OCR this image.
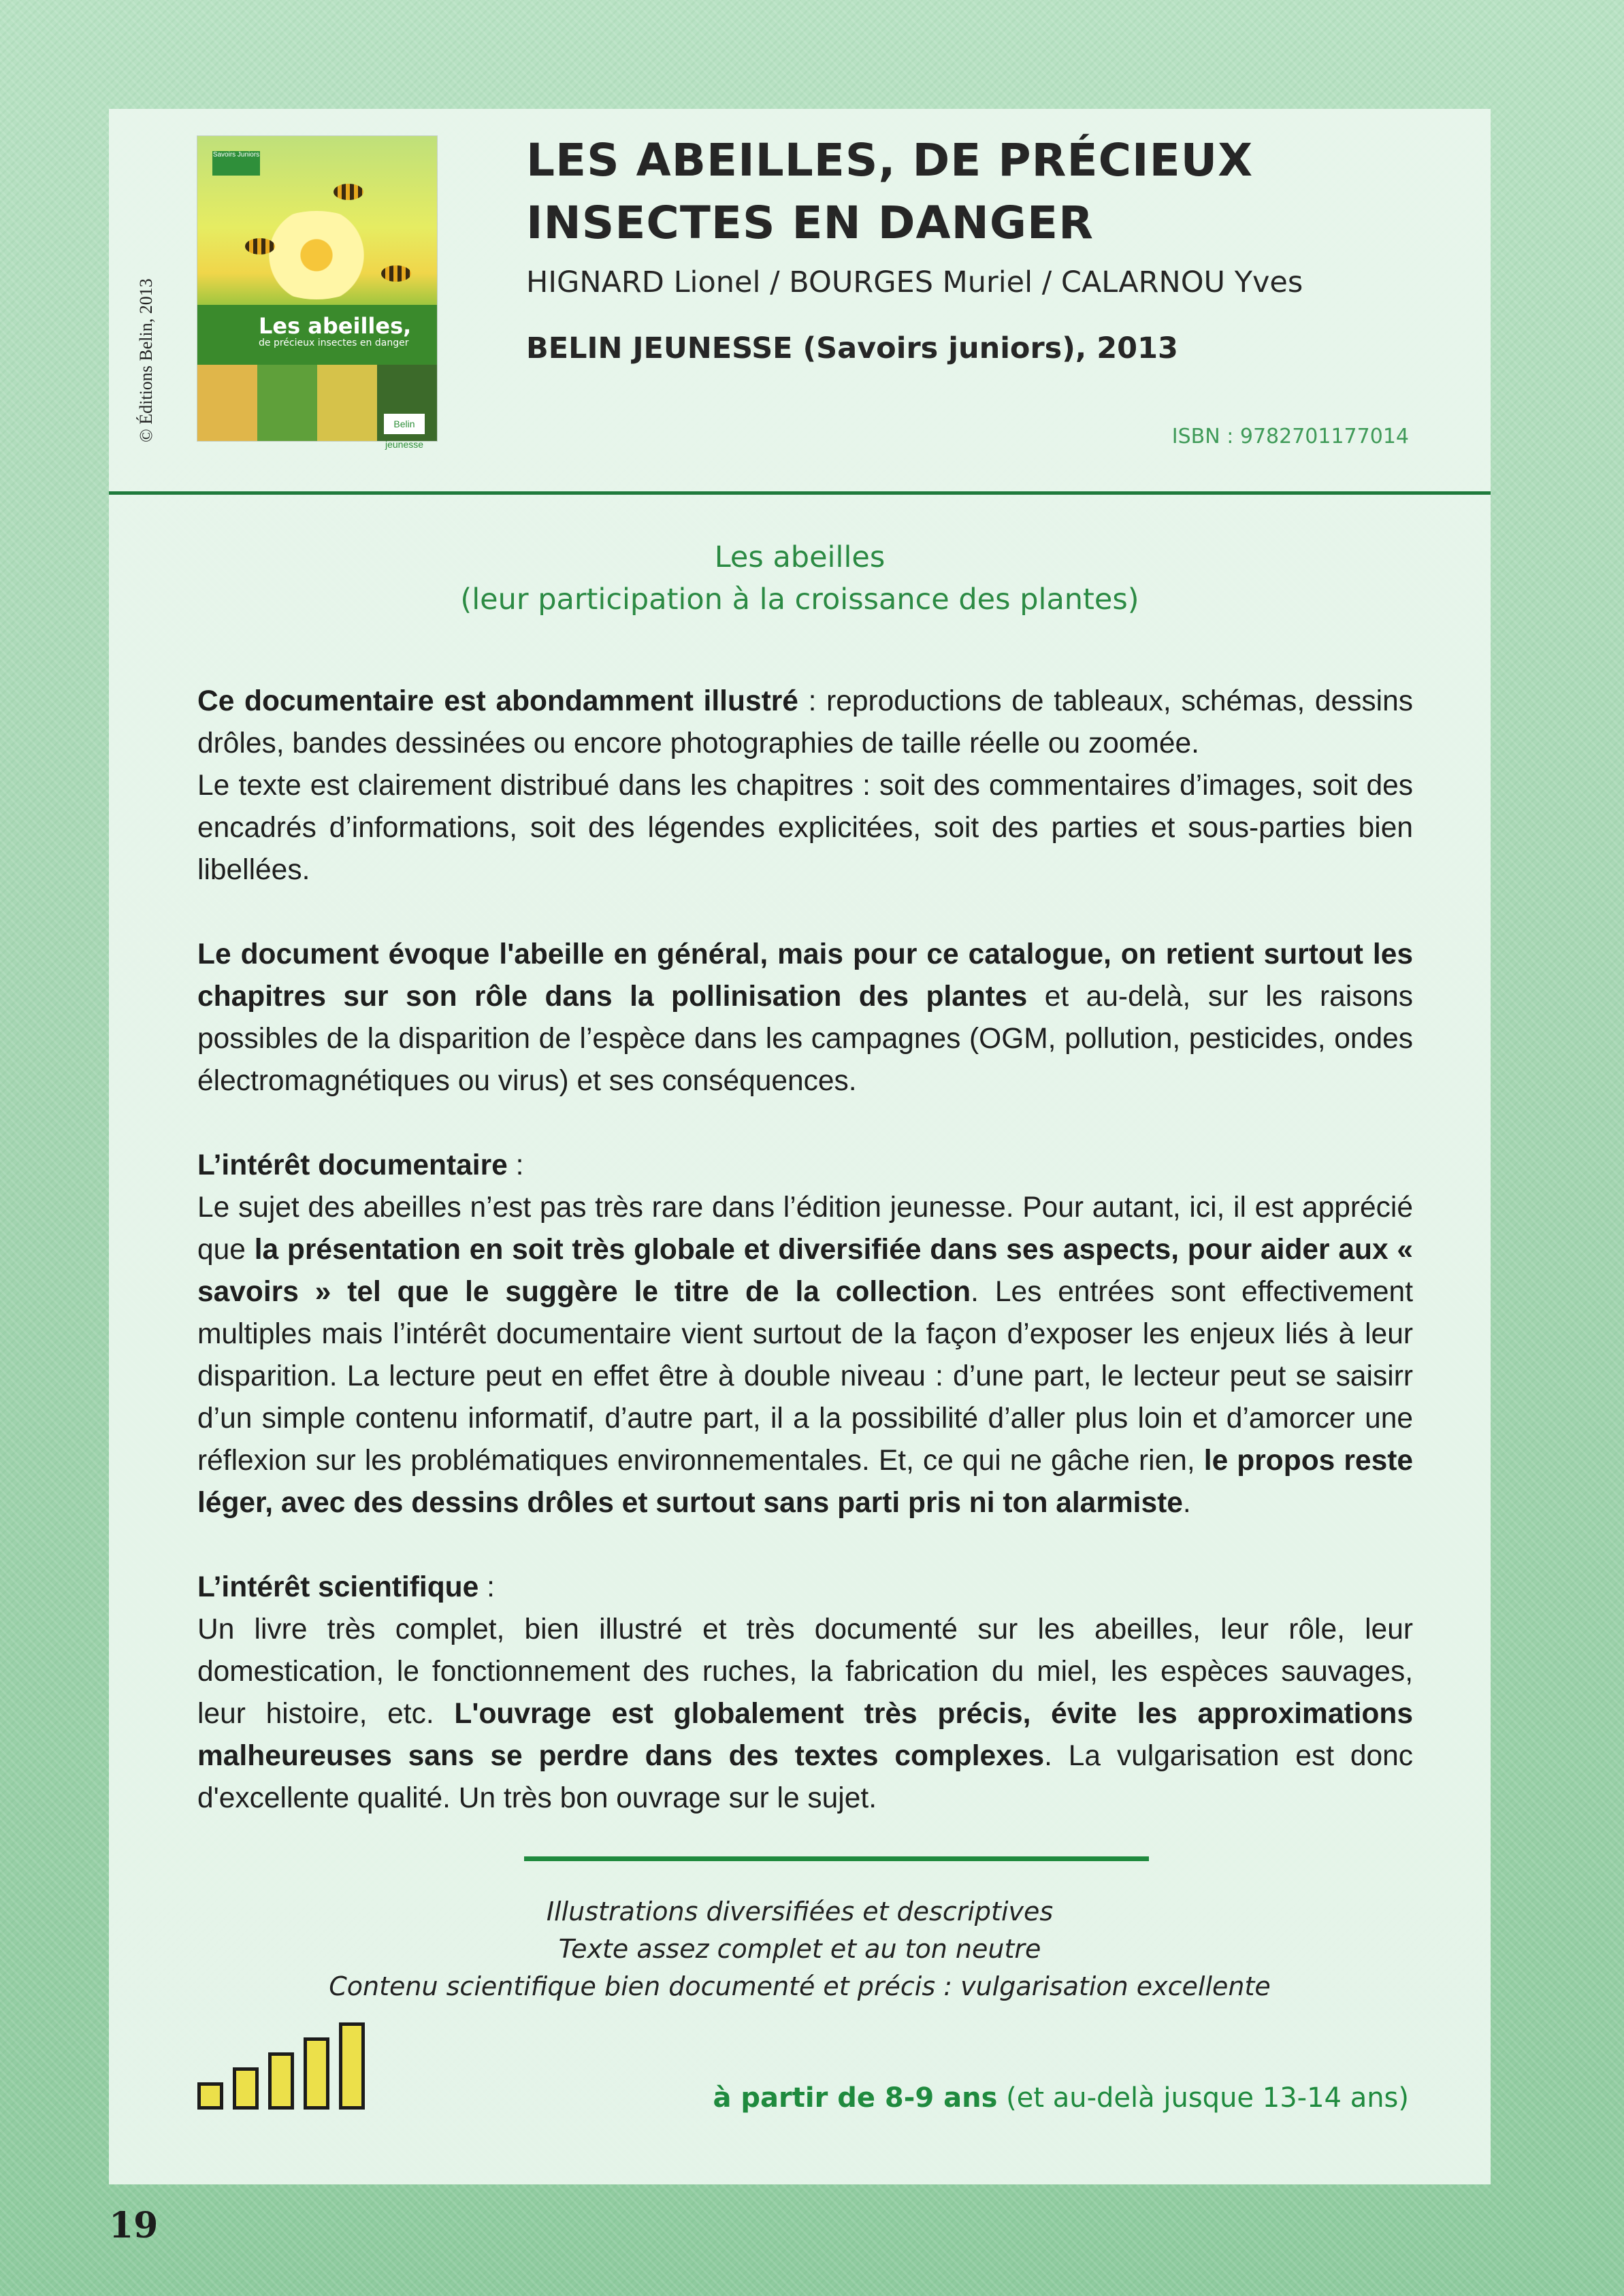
© Éditions Belin, 2013
Savoirs Juniors
Les abeilles,
de précieux insectes en danger
Belin jeunesse
LES ABEILLES, DE PRÉCIEUX
INSECTES EN DANGER
HIGNARD Lionel / BOURGES Muriel / CALARNOU Yves
BELIN JEUNESSE (Savoirs juniors), 2013
ISBN : 9782701177014
Les abeilles
(leur participation à la croissance des plantes)

Ce documentaire est abondamment illustré : reproductions de tableaux, schémas, dessins drôles, bandes dessinées ou encore photographies de taille réelle ou zoomée.

Le texte est clairement distribué dans les chapitres : soit des commentaires d’images, soit des encadrés d’informations, soit des légendes explicitées, soit des parties et sous-parties bien libellées.

Le document évoque l'abeille en général, mais pour ce catalogue, on retient surtout les chapitres sur son rôle dans la pollinisation des plantes et au-delà, sur les raisons possibles de la disparition de l’espèce dans les campagnes (OGM, pollution, pesticides, ondes électromagnétiques ou virus) et ses conséquences.

L’intérêt documentaire :

Le sujet des abeilles n’est pas très rare dans l’édition jeunesse. Pour autant, ici, il est apprécié que la présentation en soit très globale et diversifiée dans ses aspects, pour aider aux « savoirs » tel que le suggère le titre de la collection. Les entrées sont effectivement multiples mais l’intérêt documentaire vient surtout de la façon d’exposer les enjeux liés à leur disparition. La lecture peut en effet être à double niveau : d’une part, le lecteur peut se saisirr d’un simple contenu informatif, d’autre part, il a la possibilité d’aller plus loin et d’amorcer une réflexion sur les problématiques environnementales. Et, ce qui ne gâche rien, le propos reste léger, avec des dessins drôles et surtout sans parti pris ni ton alarmiste.

L’intérêt scientifique :

Un livre très complet, bien illustré et très documenté sur les abeilles, leur rôle, leur domestication, le fonctionnement des ruches, la fabrication du miel, les espèces sauvages, leur histoire, etc. L'ouvrage est globalement très précis, évite les approximations malheureuses sans se perdre dans des textes complexes. La vulgarisation est donc d'excellente qualité. Un très bon ouvrage sur le sujet.

Illustrations diversifiées et descriptives
Texte assez complet et au ton neutre
Contenu scientifique bien documenté et précis : vulgarisation excellente
à partir de 8-9 ans (et au-delà jusque 13-14 ans)
19
